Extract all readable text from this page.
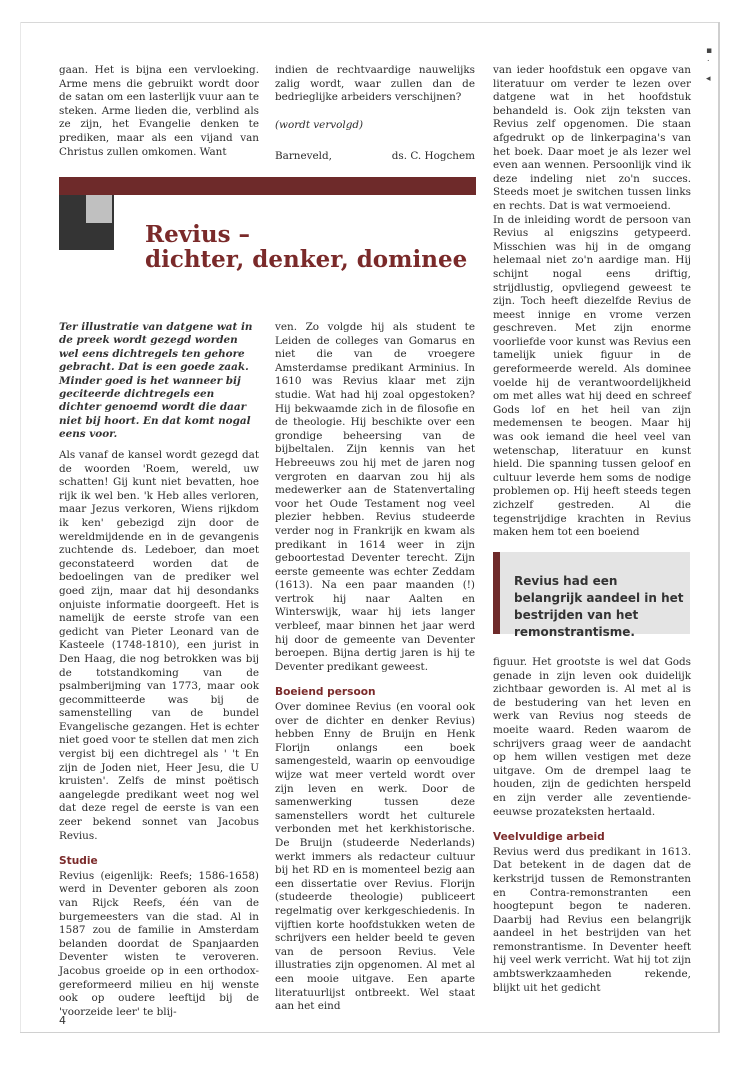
▪
˙
◂

gaan. Het is bijna een vervloeking. Arme mens die gebruikt wordt door de satan om een lasterlijk vuur aan te steken. Arme lieden die, verblind als ze zijn, het Evangelie denken te prediken, maar als een vijand van Christus zullen omkomen. Want

indien de rechtvaardige nauwelijks zalig wordt, waar zullen dan de bedrieglijke arbeiders verschijnen?

(wordt vervolgd)

Barneveld,	ds. C. Hogchem
Revius –
dichter, denker, dominee
Ter illustratie van datgene wat in de preek wordt gezegd worden wel eens dichtregels ten gehore gebracht. Dat is een goede zaak. Minder goed is het wanneer bij geciteerde dichtregels een dichter genoemd wordt die daar niet bij hoort. En dat komt nogal eens voor.

Als vanaf de kansel wordt gezegd dat de woorden 'Roem, wereld, uw schatten! Gij kunt niet bevatten, hoe rijk ik wel ben. 'k Heb alles verloren, maar Jezus verkoren, Wiens rijkdom ik ken' gebezigd zijn door de wereldmijdende en in de gevangenis zuchtende ds. Ledeboer, dan moet geconstateerd worden dat de bedoelingen van de prediker wel goed zijn, maar dat hij desondanks onjuiste informatie doorgeeft. Het is namelijk de eerste strofe van een gedicht van Pieter Leonard van de Kasteele (1748-1810), een jurist in Den Haag, die nog betrokken was bij de totstandkoming van de psalmberijming van 1773, maar ook gecommitteerde was bij de samenstelling van de bundel Evangelische gezangen. Het is echter niet goed voor te stellen dat men zich vergist bij een dichtregel als ' 't En zijn de Joden niet, Heer Jesu, die U kruisten'. Zelfs de minst poëtisch aangelegde predikant weet nog wel dat deze regel de eerste is van een zeer bekend sonnet van Jacobus Revius.

Studie

Revius (eigenlijk: Reefs; 1586-1658) werd in Deventer geboren als zoon van Rijck Reefs, één van de burgemeesters van die stad. Al in 1587 zou de familie in Amsterdam belanden doordat de Spanjaarden Deventer wisten te veroveren. Jacobus groeide op in een orthodox-gereformeerd milieu en hij wenste ook op oudere leeftijd bij de 'voorzeide leer' te blij-

ven. Zo volgde hij als student te Leiden de colleges van Gomarus en niet die van de vroegere Amsterdamse predikant Arminius. In 1610 was Revius klaar met zijn studie. Wat had hij zoal opgestoken? Hij bekwaamde zich in de filosofie en de theologie. Hij beschikte over een grondige beheersing van de bijbeltalen. Zijn kennis van het Hebreeuws zou hij met de jaren nog vergroten en daarvan zou hij als medewerker aan de Statenvertaling voor het Oude Testament nog veel plezier hebben. Revius studeerde verder nog in Frankrijk en kwam als predikant in 1614 weer in zijn geboortestad Deventer terecht. Zijn eerste gemeente was echter Zeddam (1613). Na een paar maanden (!) vertrok hij naar Aalten en Winterswijk, waar hij iets langer verbleef, maar binnen het jaar werd hij door de gemeente van Deventer beroepen. Bijna dertig jaren is hij te Deventer predikant geweest.

Boeiend persoon

Over dominee Revius (en vooral ook over de dichter en denker Revius) hebben Enny de Bruijn en Henk Florijn onlangs een boek samengesteld, waarin op eenvoudige wijze wat meer verteld wordt over zijn leven en werk. Door de samenwerking tussen deze samenstellers wordt het culturele verbonden met het kerkhistorische. De Bruijn (studeerde Nederlands) werkt immers als redacteur cultuur bij het RD en is momenteel bezig aan een dissertatie over Revius. Florijn (studeerde theologie) publiceert regelmatig over kerkgeschiedenis. In vijftien korte hoofdstukken weten de schrijvers een helder beeld te geven van de persoon Revius. Vele illustraties zijn opgenomen. Al met al een mooie uitgave. Een aparte literatuurlijst ontbreekt. Wel staat aan het eind

van ieder hoofdstuk een opgave van literatuur om verder te lezen over datgene wat in het hoofdstuk behandeld is. Ook zijn teksten van Revius zelf opgenomen. Die staan afgedrukt op de linkerpagina's van het boek. Daar moet je als lezer wel even aan wennen. Persoonlijk vind ik deze indeling niet zo'n succes. Steeds moet je switchen tussen links en rechts. Dat is wat vermoeiend.

In de inleiding wordt de persoon van Revius al enigszins getypeerd. Misschien was hij in de omgang helemaal niet zo'n aardige man. Hij schijnt nogal eens driftig, strijdlustig, opvliegend geweest te zijn. Toch heeft diezelfde Revius de meest innige en vrome verzen geschreven. Met zijn enorme voorliefde voor kunst was Revius een tamelijk uniek figuur in de gereformeerde wereld. Als dominee voelde hij de verantwoordelijkheid om met alles wat hij deed en schreef Gods lof en het heil van zijn medemensen te beogen. Maar hij was ook iemand die heel veel van wetenschap, literatuur en kunst hield. Die spanning tussen geloof en cultuur leverde hem soms de nodige problemen op. Hij heeft steeds tegen zichzelf gestreden. Al die tegenstrijdige krachten in Revius maken hem tot een boeiend

Revius had een belangrijk aandeel in het bestrijden van het remonstrantisme.

figuur. Het grootste is wel dat Gods genade in zijn leven ook duidelijk zichtbaar geworden is. Al met al is de bestudering van het leven en werk van Revius nog steeds de moeite waard. Reden waarom de schrijvers graag weer de aandacht op hem willen vestigen met deze uitgave. Om de drempel laag te houden, zijn de gedichten herspeld en zijn verder alle zeventiende-eeuwse prozateksten hertaald.

Veelvuldige arbeid

Revius werd dus predikant in 1613. Dat betekent in de dagen dat de kerkstrijd tussen de Remonstranten en Contra-remonstranten een hoogtepunt begon te naderen. Daarbij had Revius een belangrijk aandeel in het bestrijden van het remonstrantisme. In Deventer heeft hij veel werk verricht. Wat hij tot zijn ambtswerkzaamheden rekende, blijkt uit het gedicht

4
